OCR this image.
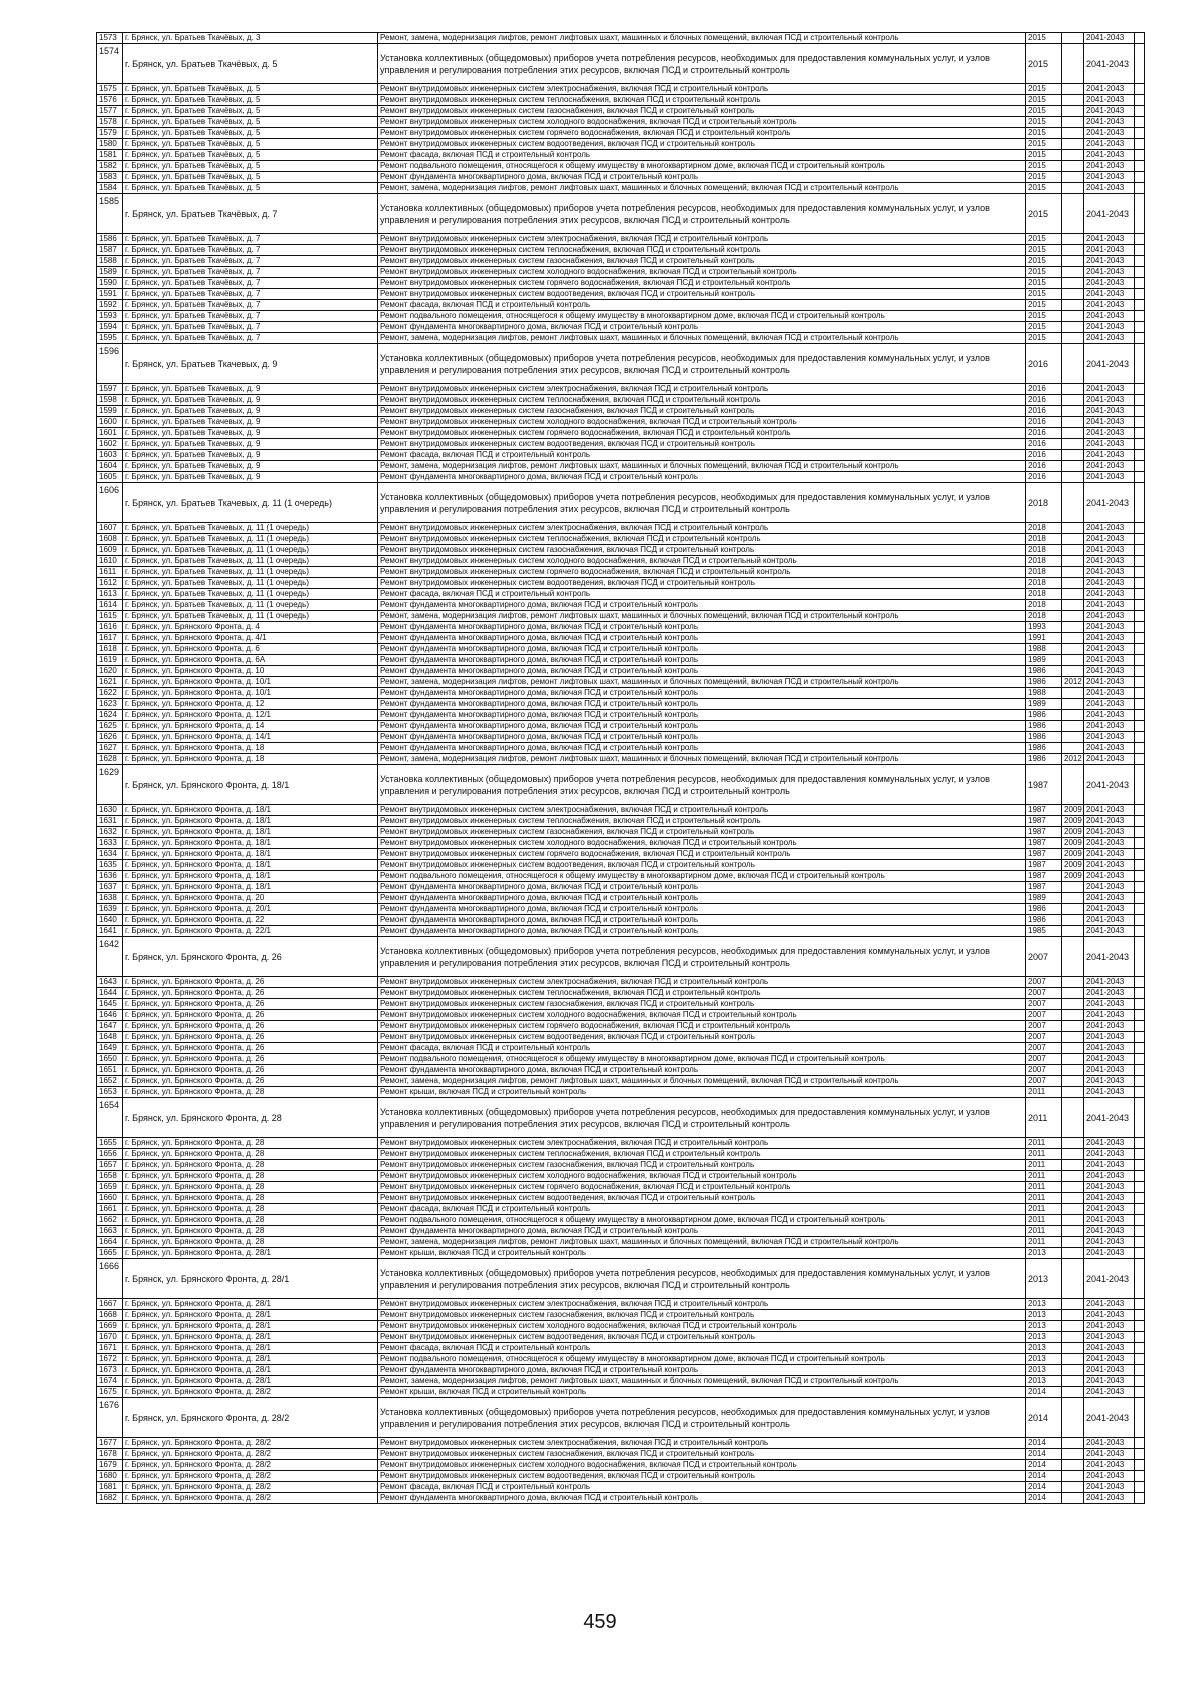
1573	г. Брянск, ул. Братьев Ткачёвых, д. 3	Ремонт, замена, модернизация лифтов, ремонт лифтовых шахт, машинных и блочных помещений, включая ПСД и строительный контроль	2015		2041-2043	
1574	г. Брянск, ул. Братьев Ткачёвых, д. 5	Установка коллективных (общедомовых) приборов учета потребления ресурсов, необходимых для предоставления коммунальных услуг, и узлов управления и регулирования потребления этих ресурсов, включая ПСД и строительный контроль	2015		2041-2043	
1575	г. Брянск, ул. Братьев Ткачёвых, д. 5	Ремонт внутридомовых инженерных систем электроснабжения, включая ПСД и строительный контроль	2015		2041-2043	
1576	г. Брянск, ул. Братьев Ткачёвых, д. 5	Ремонт внутридомовых инженерных систем теплоснабжения, включая ПСД и строительный контроль	2015		2041-2043	
1577	г. Брянск, ул. Братьев Ткачёвых, д. 5	Ремонт внутридомовых инженерных систем газоснабжения, включая ПСД и строительный контроль	2015		2041-2043	
1578	г. Брянск, ул. Братьев Ткачёвых, д. 5	Ремонт внутридомовых инженерных систем холодного водоснабжения, включая ПСД и строительный контроль	2015		2041-2043	
1579	г. Брянск, ул. Братьев Ткачёвых, д. 5	Ремонт внутридомовых инженерных систем горячего водоснабжения, включая ПСД и строительный контроль	2015		2041-2043	
1580	г. Брянск, ул. Братьев Ткачёвых, д. 5	Ремонт внутридомовых инженерных систем водоотведения, включая ПСД и строительный контроль	2015		2041-2043	
1581	г. Брянск, ул. Братьев Ткачёвых, д. 5	Ремонт фасада, включая ПСД и строительный контроль	2015		2041-2043	
1582	г. Брянск, ул. Братьев Ткачёвых, д. 5	Ремонт подвального помещения, относящегося к общему имуществу в многоквартирном доме, включая ПСД и строительный контроль	2015		2041-2043	
1583	г. Брянск, ул. Братьев Ткачёвых, д. 5	Ремонт фундамента многоквартирного дома, включая ПСД и строительный контроль	2015		2041-2043	
1584	г. Брянск, ул. Братьев Ткачёвых, д. 5	Ремонт, замена, модернизация лифтов, ремонт лифтовых шахт, машинных и блочных помещений, включая ПСД и строительный контроль	2015		2041-2043	
1585	г. Брянск, ул. Братьев Ткачёвых, д. 7	Установка коллективных (общедомовых) приборов учета потребления ресурсов, необходимых для предоставления коммунальных услуг, и узлов управления и регулирования потребления этих ресурсов, включая ПСД и строительный контроль	2015		2041-2043	
1586	г. Брянск, ул. Братьев Ткачёвых, д. 7	Ремонт внутридомовых инженерных систем электроснабжения, включая ПСД и строительный контроль	2015		2041-2043	
1587	г. Брянск, ул. Братьев Ткачёвых, д. 7	Ремонт внутридомовых инженерных систем теплоснабжения, включая ПСД и строительный контроль	2015		2041-2043	
1588	г. Брянск, ул. Братьев Ткачёвых, д. 7	Ремонт внутридомовых инженерных систем газоснабжения, включая ПСД и строительный контроль	2015		2041-2043	
1589	г. Брянск, ул. Братьев Ткачёвых, д. 7	Ремонт внутридомовых инженерных систем холодного водоснабжения, включая ПСД и строительный контроль	2015		2041-2043	
1590	г. Брянск, ул. Братьев Ткачёвых, д. 7	Ремонт внутридомовых инженерных систем горячего водоснабжения, включая ПСД и строительный контроль	2015		2041-2043	
1591	г. Брянск, ул. Братьев Ткачёвых, д. 7	Ремонт внутридомовых инженерных систем водоотведения, включая ПСД и строительный контроль	2015		2041-2043	
1592	г. Брянск, ул. Братьев Ткачёвых, д. 7	Ремонт фасада, включая ПСД и строительный контроль	2015		2041-2043	
1593	г. Брянск, ул. Братьев Ткачёвых, д. 7	Ремонт подвального помещения, относящегося к общему имуществу в многоквартирном доме, включая ПСД и строительный контроль	2015		2041-2043	
1594	г. Брянск, ул. Братьев Ткачёвых, д. 7	Ремонт фундамента многоквартирного дома, включая ПСД и строительный контроль	2015		2041-2043	
1595	г. Брянск, ул. Братьев Ткачёвых, д. 7	Ремонт, замена, модернизация лифтов, ремонт лифтовых шахт, машинных и блочных помещений, включая ПСД и строительный контроль	2015		2041-2043	
1596	г. Брянск, ул. Братьев Ткачевых, д. 9	Установка коллективных (общедомовых) приборов учета потребления ресурсов, необходимых для предоставления коммунальных услуг, и узлов управления и регулирования потребления этих ресурсов, включая ПСД и строительный контроль	2016		2041-2043	
1597	г. Брянск, ул. Братьев Ткачевых, д. 9	Ремонт внутридомовых инженерных систем электроснабжения, включая ПСД и строительный контроль	2016		2041-2043	
1598	г. Брянск, ул. Братьев Ткачевых, д. 9	Ремонт внутридомовых инженерных систем теплоснабжения, включая ПСД и строительный контроль	2016		2041-2043	
1599	г. Брянск, ул. Братьев Ткачевых, д. 9	Ремонт внутридомовых инженерных систем газоснабжения, включая ПСД и строительный контроль	2016		2041-2043	
1600	г. Брянск, ул. Братьев Ткачевых, д. 9	Ремонт внутридомовых инженерных систем холодного водоснабжения, включая ПСД и строительный контроль	2016		2041-2043	
1601	г. Брянск, ул. Братьев Ткачевых, д. 9	Ремонт внутридомовых инженерных систем горячего водоснабжения, включая ПСД и строительный контроль	2016		2041-2043	
1602	г. Брянск, ул. Братьев Ткачевых, д. 9	Ремонт внутридомовых инженерных систем водоотведения, включая ПСД и строительный контроль	2016		2041-2043	
1603	г. Брянск, ул. Братьев Ткачевых, д. 9	Ремонт фасада, включая ПСД и строительный контроль	2016		2041-2043	
1604	г. Брянск, ул. Братьев Ткачевых, д. 9	Ремонт, замена, модернизация лифтов, ремонт лифтовых шахт, машинных и блочных помещений, включая ПСД и строительный контроль	2016		2041-2043	
1605	г. Брянск, ул. Братьев Ткачевых, д. 9	Ремонт фундамента многоквартирного дома, включая ПСД и строительный контроль	2016		2041-2043	
1606	г. Брянск, ул. Братьев Ткачевых, д. 11 (1 очередь)	Установка коллективных (общедомовых) приборов учета потребления ресурсов, необходимых для предоставления коммунальных услуг, и узлов управления и регулирования потребления этих ресурсов, включая ПСД и строительный контроль	2018		2041-2043	
1607	г. Брянск, ул. Братьев Ткачевых, д. 11 (1 очередь)	Ремонт внутридомовых инженерных систем электроснабжения, включая ПСД и строительный контроль	2018		2041-2043	
1608	г. Брянск, ул. Братьев Ткачевых, д. 11 (1 очередь)	Ремонт внутридомовых инженерных систем теплоснабжения, включая ПСД и строительный контроль	2018		2041-2043	
1609	г. Брянск, ул. Братьев Ткачевых, д. 11 (1 очередь)	Ремонт внутридомовых инженерных систем газоснабжения, включая ПСД и строительный контроль	2018		2041-2043	
1610	г. Брянск, ул. Братьев Ткачевых, д. 11 (1 очередь)	Ремонт внутридомовых инженерных систем холодного водоснабжения, включая ПСД и строительный контроль	2018		2041-2043	
1611	г. Брянск, ул. Братьев Ткачевых, д. 11 (1 очередь)	Ремонт внутридомовых инженерных систем горячего водоснабжения, включая ПСД и строительный контроль	2018		2041-2043	
1612	г. Брянск, ул. Братьев Ткачевых, д. 11 (1 очередь)	Ремонт внутридомовых инженерных систем водоотведения, включая ПСД и строительный контроль	2018		2041-2043	
1613	г. Брянск, ул. Братьев Ткачевых, д. 11 (1 очередь)	Ремонт фасада, включая ПСД и строительный контроль	2018		2041-2043	
1614	г. Брянск, ул. Братьев Ткачевых, д. 11 (1 очередь)	Ремонт фундамента многоквартирного дома, включая ПСД и строительный контроль	2018		2041-2043	
1615	г. Брянск, ул. Братьев Ткачевых, д. 11 (1 очередь)	Ремонт, замена, модернизация лифтов, ремонт лифтовых шахт, машинных и блочных помещений, включая ПСД и строительный контроль	2018		2041-2043	
1616	г. Брянск, ул. Брянского Фронта, д. 4	Ремонт фундамента многоквартирного дома, включая ПСД и строительный контроль	1993		2041-2043	
1617	г. Брянск, ул. Брянского Фронта, д. 4/1	Ремонт фундамента многоквартирного дома, включая ПСД и строительный контроль	1991		2041-2043	
1618	г. Брянск, ул. Брянского Фронта, д. 6	Ремонт фундамента многоквартирного дома, включая ПСД и строительный контроль	1988		2041-2043	
1619	г. Брянск, ул. Брянского Фронта, д. 6А	Ремонт фундамента многоквартирного дома, включая ПСД и строительный контроль	1989		2041-2043	
1620	г. Брянск, ул. Брянского Фронта, д. 10	Ремонт фундамента многоквартирного дома, включая ПСД и строительный контроль	1986		2041-2043	
1621	г. Брянск, ул. Брянского Фронта, д. 10/1	Ремонт, замена, модернизация лифтов, ремонт лифтовых шахт, машинных и блочных помещений, включая ПСД и строительный контроль	1986	2012	2041-2043	
1622	г. Брянск, ул. Брянского Фронта, д. 10/1	Ремонт фундамента многоквартирного дома, включая ПСД и строительный контроль	1988		2041-2043	
1623	г. Брянск, ул. Брянского Фронта, д. 12	Ремонт фундамента многоквартирного дома, включая ПСД и строительный контроль	1989		2041-2043	
1624	г. Брянск, ул. Брянского Фронта, д. 12/1	Ремонт фундамента многоквартирного дома, включая ПСД и строительный контроль	1986		2041-2043	
1625	г. Брянск, ул. Брянского Фронта, д. 14	Ремонт фундамента многоквартирного дома, включая ПСД и строительный контроль	1986		2041-2043	
1626	г. Брянск, ул. Брянского Фронта, д. 14/1	Ремонт фундамента многоквартирного дома, включая ПСД и строительный контроль	1986		2041-2043	
1627	г. Брянск, ул. Брянского Фронта, д. 18	Ремонт фундамента многоквартирного дома, включая ПСД и строительный контроль	1986		2041-2043	
1628	г. Брянск, ул. Брянского Фронта, д. 18	Ремонт, замена, модернизация лифтов, ремонт лифтовых шахт, машинных и блочных помещений, включая ПСД и строительный контроль	1986	2012	2041-2043	
1629	г. Брянск, ул. Брянского Фронта, д. 18/1	Установка коллективных (общедомовых) приборов учета потребления ресурсов, необходимых для предоставления коммунальных услуг, и узлов управления и регулирования потребления этих ресурсов, включая ПСД и строительный контроль	1987		2041-2043	
1630	г. Брянск, ул. Брянского Фронта, д. 18/1	Ремонт внутридомовых инженерных систем электроснабжения, включая ПСД и строительный контроль	1987	2009	2041-2043	
1631	г. Брянск, ул. Брянского Фронта, д. 18/1	Ремонт внутридомовых инженерных систем теплоснабжения, включая ПСД и строительный контроль	1987	2009	2041-2043	
1632	г. Брянск, ул. Брянского Фронта, д. 18/1	Ремонт внутридомовых инженерных систем газоснабжения, включая ПСД и строительный контроль	1987	2009	2041-2043	
1633	г. Брянск, ул. Брянского Фронта, д. 18/1	Ремонт внутридомовых инженерных систем холодного водоснабжения, включая ПСД и строительный контроль	1987	2009	2041-2043	
1634	г. Брянск, ул. Брянского Фронта, д. 18/1	Ремонт внутридомовых инженерных систем горячего водоснабжения, включая ПСД и строительный контроль	1987	2009	2041-2043	
1635	г. Брянск, ул. Брянского Фронта, д. 18/1	Ремонт внутридомовых инженерных систем водоотведения, включая ПСД и строительный контроль	1987	2009	2041-2043	
1636	г. Брянск, ул. Брянского Фронта, д. 18/1	Ремонт подвального помещения, относящегося к общему имуществу в многоквартирном доме, включая ПСД и строительный контроль	1987	2009	2041-2043	
1637	г. Брянск, ул. Брянского Фронта, д. 18/1	Ремонт фундамента многоквартирного дома, включая ПСД и строительный контроль	1987		2041-2043	
1638	г. Брянск, ул. Брянского Фронта, д. 20	Ремонт фундамента многоквартирного дома, включая ПСД и строительный контроль	1989		2041-2043	
1639	г. Брянск, ул. Брянского Фронта, д. 20/1	Ремонт фундамента многоквартирного дома, включая ПСД и строительный контроль	1986		2041-2043	
1640	г. Брянск, ул. Брянского Фронта, д. 22	Ремонт фундамента многоквартирного дома, включая ПСД и строительный контроль	1986		2041-2043	
1641	г. Брянск, ул. Брянского Фронта, д. 22/1	Ремонт фундамента многоквартирного дома, включая ПСД и строительный контроль	1985		2041-2043	
1642	г. Брянск, ул. Брянского Фронта, д. 26	Установка коллективных (общедомовых) приборов учета потребления ресурсов, необходимых для предоставления коммунальных услуг, и узлов управления и регулирования потребления этих ресурсов, включая ПСД и строительный контроль	2007		2041-2043	
1643	г. Брянск, ул. Брянского Фронта, д. 26	Ремонт внутридомовых инженерных систем электроснабжения, включая ПСД и строительный контроль	2007		2041-2043	
1644	г. Брянск, ул. Брянского Фронта, д. 26	Ремонт внутридомовых инженерных систем теплоснабжения, включая ПСД и строительный контроль	2007		2041-2043	
1645	г. Брянск, ул. Брянского Фронта, д. 26	Ремонт внутридомовых инженерных систем газоснабжения, включая ПСД и строительный контроль	2007		2041-2043	
1646	г. Брянск, ул. Брянского Фронта, д. 26	Ремонт внутридомовых инженерных систем холодного водоснабжения, включая ПСД и строительный контроль	2007		2041-2043	
1647	г. Брянск, ул. Брянского Фронта, д. 26	Ремонт внутридомовых инженерных систем горячего водоснабжения, включая ПСД и строительный контроль	2007		2041-2043	
1648	г. Брянск, ул. Брянского Фронта, д. 26	Ремонт внутридомовых инженерных систем водоотведения, включая ПСД и строительный контроль	2007		2041-2043	
1649	г. Брянск, ул. Брянского Фронта, д. 26	Ремонт фасада, включая ПСД и строительный контроль	2007		2041-2043	
1650	г. Брянск, ул. Брянского Фронта, д. 26	Ремонт подвального помещения, относящегося к общему имуществу в многоквартирном доме, включая ПСД и строительный контроль	2007		2041-2043	
1651	г. Брянск, ул. Брянского Фронта, д. 26	Ремонт фундамента многоквартирного дома, включая ПСД и строительный контроль	2007		2041-2043	
1652	г. Брянск, ул. Брянского Фронта, д. 26	Ремонт, замена, модернизация лифтов, ремонт лифтовых шахт, машинных и блочных помещений, включая ПСД и строительный контроль	2007		2041-2043	
1653	г. Брянск, ул. Брянского Фронта, д. 28	Ремонт крыши, включая ПСД и строительный контроль	2011		2041-2043	
1654	г. Брянск, ул. Брянского Фронта, д. 28	Установка коллективных (общедомовых) приборов учета потребления ресурсов, необходимых для предоставления коммунальных услуг, и узлов управления и регулирования потребления этих ресурсов, включая ПСД и строительный контроль	2011		2041-2043	
1655	г. Брянск, ул. Брянского Фронта, д. 28	Ремонт внутридомовых инженерных систем электроснабжения, включая ПСД и строительный контроль	2011		2041-2043	
1656	г. Брянск, ул. Брянского Фронта, д. 28	Ремонт внутридомовых инженерных систем теплоснабжения, включая ПСД и строительный контроль	2011		2041-2043	
1657	г. Брянск, ул. Брянского Фронта, д. 28	Ремонт внутридомовых инженерных систем газоснабжения, включая ПСД и строительный контроль	2011		2041-2043	
1658	г. Брянск, ул. Брянского Фронта, д. 28	Ремонт внутридомовых инженерных систем холодного водоснабжения, включая ПСД и строительный контроль	2011		2041-2043	
1659	г. Брянск, ул. Брянского Фронта, д. 28	Ремонт внутридомовых инженерных систем горячего водоснабжения, включая ПСД и строительный контроль	2011		2041-2043	
1660	г. Брянск, ул. Брянского Фронта, д. 28	Ремонт внутридомовых инженерных систем водоотведения, включая ПСД и строительный контроль	2011		2041-2043	
1661	г. Брянск, ул. Брянского Фронта, д. 28	Ремонт фасада, включая ПСД и строительный контроль	2011		2041-2043	
1662	г. Брянск, ул. Брянского Фронта, д. 28	Ремонт подвального помещения, относящегося к общему имуществу в многоквартирном доме, включая ПСД и строительный контроль	2011		2041-2043	
1663	г. Брянск, ул. Брянского Фронта, д. 28	Ремонт фундамента многоквартирного дома, включая ПСД и строительный контроль	2011		2041-2043	
1664	г. Брянск, ул. Брянского Фронта, д. 28	Ремонт, замена, модернизация лифтов, ремонт лифтовых шахт, машинных и блочных помещений, включая ПСД и строительный контроль	2011		2041-2043	
1665	г. Брянск, ул. Брянского Фронта, д. 28/1	Ремонт крыши, включая ПСД и строительный контроль	2013		2041-2043	
1666	г. Брянск, ул. Брянского Фронта, д. 28/1	Установка коллективных (общедомовых) приборов учета потребления ресурсов, необходимых для предоставления коммунальных услуг, и узлов управления и регулирования потребления этих ресурсов, включая ПСД и строительный контроль	2013		2041-2043	
1667	г. Брянск, ул. Брянского Фронта, д. 28/1	Ремонт внутридомовых инженерных систем электроснабжения, включая ПСД и строительный контроль	2013		2041-2043	
1668	г. Брянск, ул. Брянского Фронта, д. 28/1	Ремонт внутридомовых инженерных систем газоснабжения, включая ПСД и строительный контроль	2013		2041-2043	
1669	г. Брянск, ул. Брянского Фронта, д. 28/1	Ремонт внутридомовых инженерных систем холодного водоснабжения, включая ПСД и строительный контроль	2013		2041-2043	
1670	г. Брянск, ул. Брянского Фронта, д. 28/1	Ремонт внутридомовых инженерных систем водоотведения, включая ПСД и строительный контроль	2013		2041-2043	
1671	г. Брянск, ул. Брянского Фронта, д. 28/1	Ремонт фасада, включая ПСД и строительный контроль	2013		2041-2043	
1672	г. Брянск, ул. Брянского Фронта, д. 28/1	Ремонт подвального помещения, относящегося к общему имуществу в многоквартирном доме, включая ПСД и строительный контроль	2013		2041-2043	
1673	г. Брянск, ул. Брянского Фронта, д. 28/1	Ремонт фундамента многоквартирного дома, включая ПСД и строительный контроль	2013		2041-2043	
1674	г. Брянск, ул. Брянского Фронта, д. 28/1	Ремонт, замена, модернизация лифтов, ремонт лифтовых шахт, машинных и блочных помещений, включая ПСД и строительный контроль	2013		2041-2043	
1675	г. Брянск, ул. Брянского Фронта, д. 28/2	Ремонт крыши, включая ПСД и строительный контроль	2014		2041-2043	
1676	г. Брянск, ул. Брянского Фронта, д. 28/2	Установка коллективных (общедомовых) приборов учета потребления ресурсов, необходимых для предоставления коммунальных услуг, и узлов управления и регулирования потребления этих ресурсов, включая ПСД и строительный контроль	2014		2041-2043	
1677	г. Брянск, ул. Брянского Фронта, д. 28/2	Ремонт внутридомовых инженерных систем электроснабжения, включая ПСД и строительный контроль	2014		2041-2043	
1678	г. Брянск, ул. Брянского Фронта, д. 28/2	Ремонт внутридомовых инженерных систем газоснабжения, включая ПСД и строительный контроль	2014		2041-2043	
1679	г. Брянск, ул. Брянского Фронта, д. 28/2	Ремонт внутридомовых инженерных систем холодного водоснабжения, включая ПСД и строительный контроль	2014		2041-2043	
1680	г. Брянск, ул. Брянского Фронта, д. 28/2	Ремонт внутридомовых инженерных систем водоотведения, включая ПСД и строительный контроль	2014		2041-2043	
1681	г. Брянск, ул. Брянского Фронта, д. 28/2	Ремонт фасада, включая ПСД и строительный контроль	2014		2041-2043	
1682	г. Брянск, ул. Брянского Фронта, д. 28/2	Ремонт фундамента многоквартирного дома, включая ПСД и строительный контроль	2014		2041-2043	
459
